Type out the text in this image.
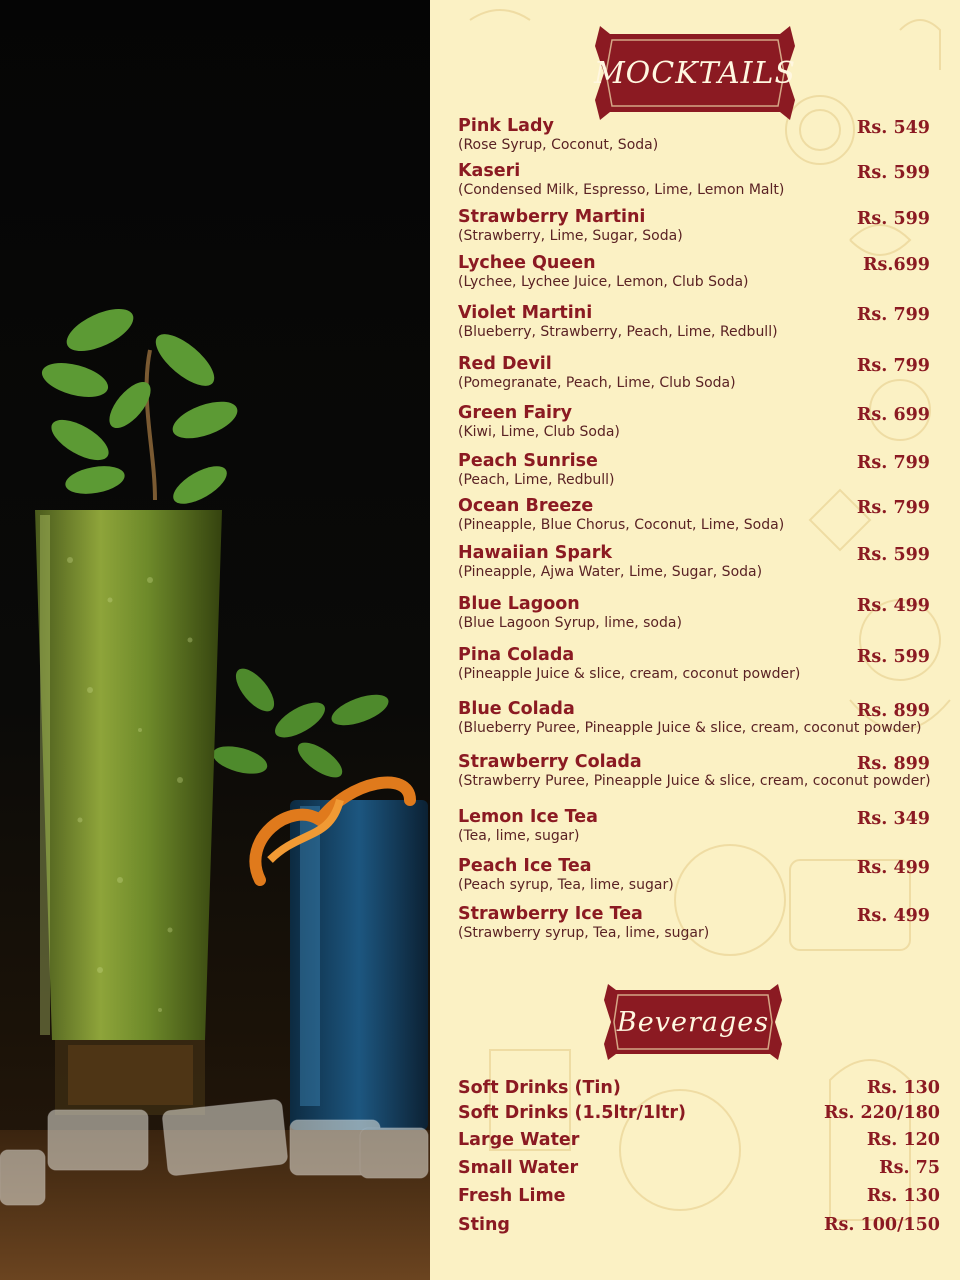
MOCKTAILS
Pink Lady
(Rose Syrup, Coconut, Soda)
Rs. 549
Kaseri
(Condensed Milk, Espresso, Lime, Lemon Malt)
Rs. 599
Strawberry Martini
(Strawberry, Lime, Sugar, Soda)
Rs. 599
Lychee Queen
(Lychee, Lychee Juice, Lemon, Club Soda)
Rs.699
Violet Martini
(Blueberry, Strawberry, Peach, Lime, Redbull)
Rs. 799
Red Devil
(Pomegranate, Peach, Lime, Club Soda)
Rs. 799
Green Fairy
(Kiwi, Lime, Club Soda)
Rs. 699
Peach Sunrise
(Peach, Lime, Redbull)
Rs. 799
Ocean Breeze
(Pineapple, Blue Chorus, Coconut, Lime, Soda)
Rs. 799
Hawaiian Spark
(Pineapple, Ajwa Water, Lime, Sugar, Soda)
Rs. 599
Blue Lagoon
(Blue Lagoon Syrup, lime, soda)
Rs. 499
Pina Colada
(Pineapple Juice & slice, cream, coconut powder)
Rs. 599
Blue Colada
(Blueberry Puree, Pineapple Juice & slice, cream, coconut powder)
Rs. 899
Strawberry Colada
(Strawberry Puree, Pineapple Juice & slice, cream, coconut powder)
Rs. 899
Lemon Ice Tea
(Tea, lime, sugar)
Rs. 349
Peach Ice Tea
(Peach syrup, Tea, lime, sugar)
Rs. 499
Strawberry Ice Tea
(Strawberry syrup, Tea, lime, sugar)
Rs. 499
Beverages
Soft Drinks (Tin)	Rs. 130
Soft Drinks (1.5ltr/1ltr)	Rs. 220/180
Large Water	Rs. 120
Small Water	Rs. 75
Fresh Lime	Rs. 130
Sting	Rs. 100/150
